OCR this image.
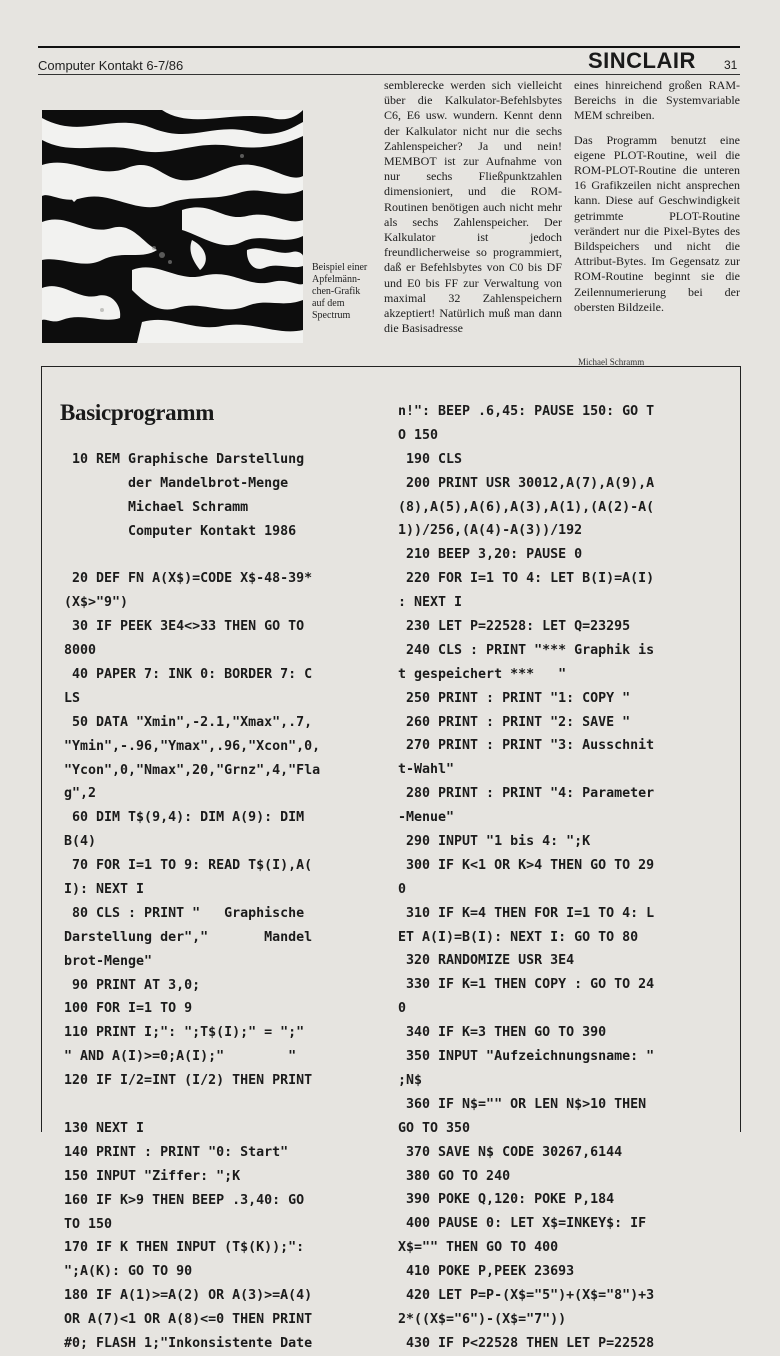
Computer Kontakt 6-7/86	SINCLAIR 31
Beispiel einer
Apfelmänn-
chen-Grafik
auf dem
Spectrum

semblerecke werden sich vielleicht über die Kalkulator-Befehlsbytes C6, E6 usw. wundern. Kennt denn der Kalkulator nicht nur die sechs Zahlenspeicher? Ja und nein! MEMBOT ist zur Aufnahme von nur sechs Fließpunktzahlen dimensioniert, und die ROM-Routinen benötigen auch nicht mehr als sechs Zahlenspeicher. Der Kalkulator ist jedoch freundlicherweise so programmiert, daß er Befehlsbytes von C0 bis DF und E0 bis FF zur Verwaltung von maximal 32 Zahlenspeichern akzeptiert! Natürlich muß man dann die Basisadresse

eines hinreichend großen RAM-Bereichs in die Systemvariable MEM schreiben.

Das Programm benutzt eine eigene PLOT-Routine, weil die ROM-PLOT-Routine die unteren 16 Grafikzeilen nicht ansprechen kann. Diese auf Geschwindigkeit getrimmte PLOT-Routine verändert nur die Pixel-Bytes des Bildspeichers und nicht die Attribut-Bytes. Im Gegensatz zur ROM-Routine beginnt sie die Zeilennumerierung bei der obersten Bildzeile.

Michael Schramm
Basicprogramm
10 REM Graphische Darstellung
der Mandelbrot-Menge
Michael Schramm
Computer Kontakt 1986
20 DEF FN A(X$)=CODE X$-48-39*
(X$>"9")
30 IF PEEK 3E4<>33 THEN GO TO
8000
40 PAPER 7: INK 0: BORDER 7: C
LS
50 DATA "Xmin",-2.1,"Xmax",.7,
"Ymin",-.96,"Ymax",.96,"Xcon",0,
"Ycon",0,"Nmax",20,"Grnz",4,"Fla
g",2
60 DIM T$(9,4): DIM A(9): DIM
B(4)
70 FOR I=1 TO 9: READ T$(I),A(
I): NEXT I
80 CLS : PRINT "   Graphische
Darstellung der","       Mandel
brot-Menge"
90 PRINT AT 3,0;
100 FOR I=1 TO 9
110 PRINT I;": ";T$(I);" = ";"
" AND A(I)>=0;A(I);"        "
120 IF I/2=INT (I/2) THEN PRINT
130 NEXT I
140 PRINT : PRINT "0: Start"
150 INPUT "Ziffer: ";K
160 IF K>9 THEN BEEP .3,40: GO
TO 150
170 IF K THEN INPUT (T$(K));":
";A(K): GO TO 90
180 IF A(1)>=A(2) OR A(3)>=A(4)
OR A(7)<1 OR A(8)<=0 THEN PRINT
#0; FLASH 1;"Inkonsistente Date
n!": BEEP .6,45: PAUSE 150: GO T
O 150
190 CLS
200 PRINT USR 30012,A(7),A(9),A
(8),A(5),A(6),A(3),A(1),(A(2)-A(
1))/256,(A(4)-A(3))/192
210 BEEP 3,20: PAUSE 0
220 FOR I=1 TO 4: LET B(I)=A(I)
: NEXT I
230 LET P=22528: LET Q=23295
240 CLS : PRINT "*** Graphik is
t gespeichert ***   "
250 PRINT : PRINT "1: COPY "
260 PRINT : PRINT "2: SAVE "
270 PRINT : PRINT "3: Ausschnit
t-Wahl"
280 PRINT : PRINT "4: Parameter
-Menue"
290 INPUT "1 bis 4: ";K
300 IF K<1 OR K>4 THEN GO TO 29
0
310 IF K=4 THEN FOR I=1 TO 4: L
ET A(I)=B(I): NEXT I: GO TO 80
320 RANDOMIZE USR 3E4
330 IF K=1 THEN COPY : GO TO 24
0
340 IF K=3 THEN GO TO 390
350 INPUT "Aufzeichnungsname: "
;N$
360 IF N$="" OR LEN N$>10 THEN
GO TO 350
370 SAVE N$ CODE 30267,6144
380 GO TO 240
390 POKE Q,120: POKE P,184
400 PAUSE 0: LET X$=INKEY$: IF
X$="" THEN GO TO 400
410 POKE P,PEEK 23693
420 LET P=P-(X$="5")+(X$="8")+3
2*((X$="6")-(X$="7"))
430 IF P<22528 THEN LET P=22528
